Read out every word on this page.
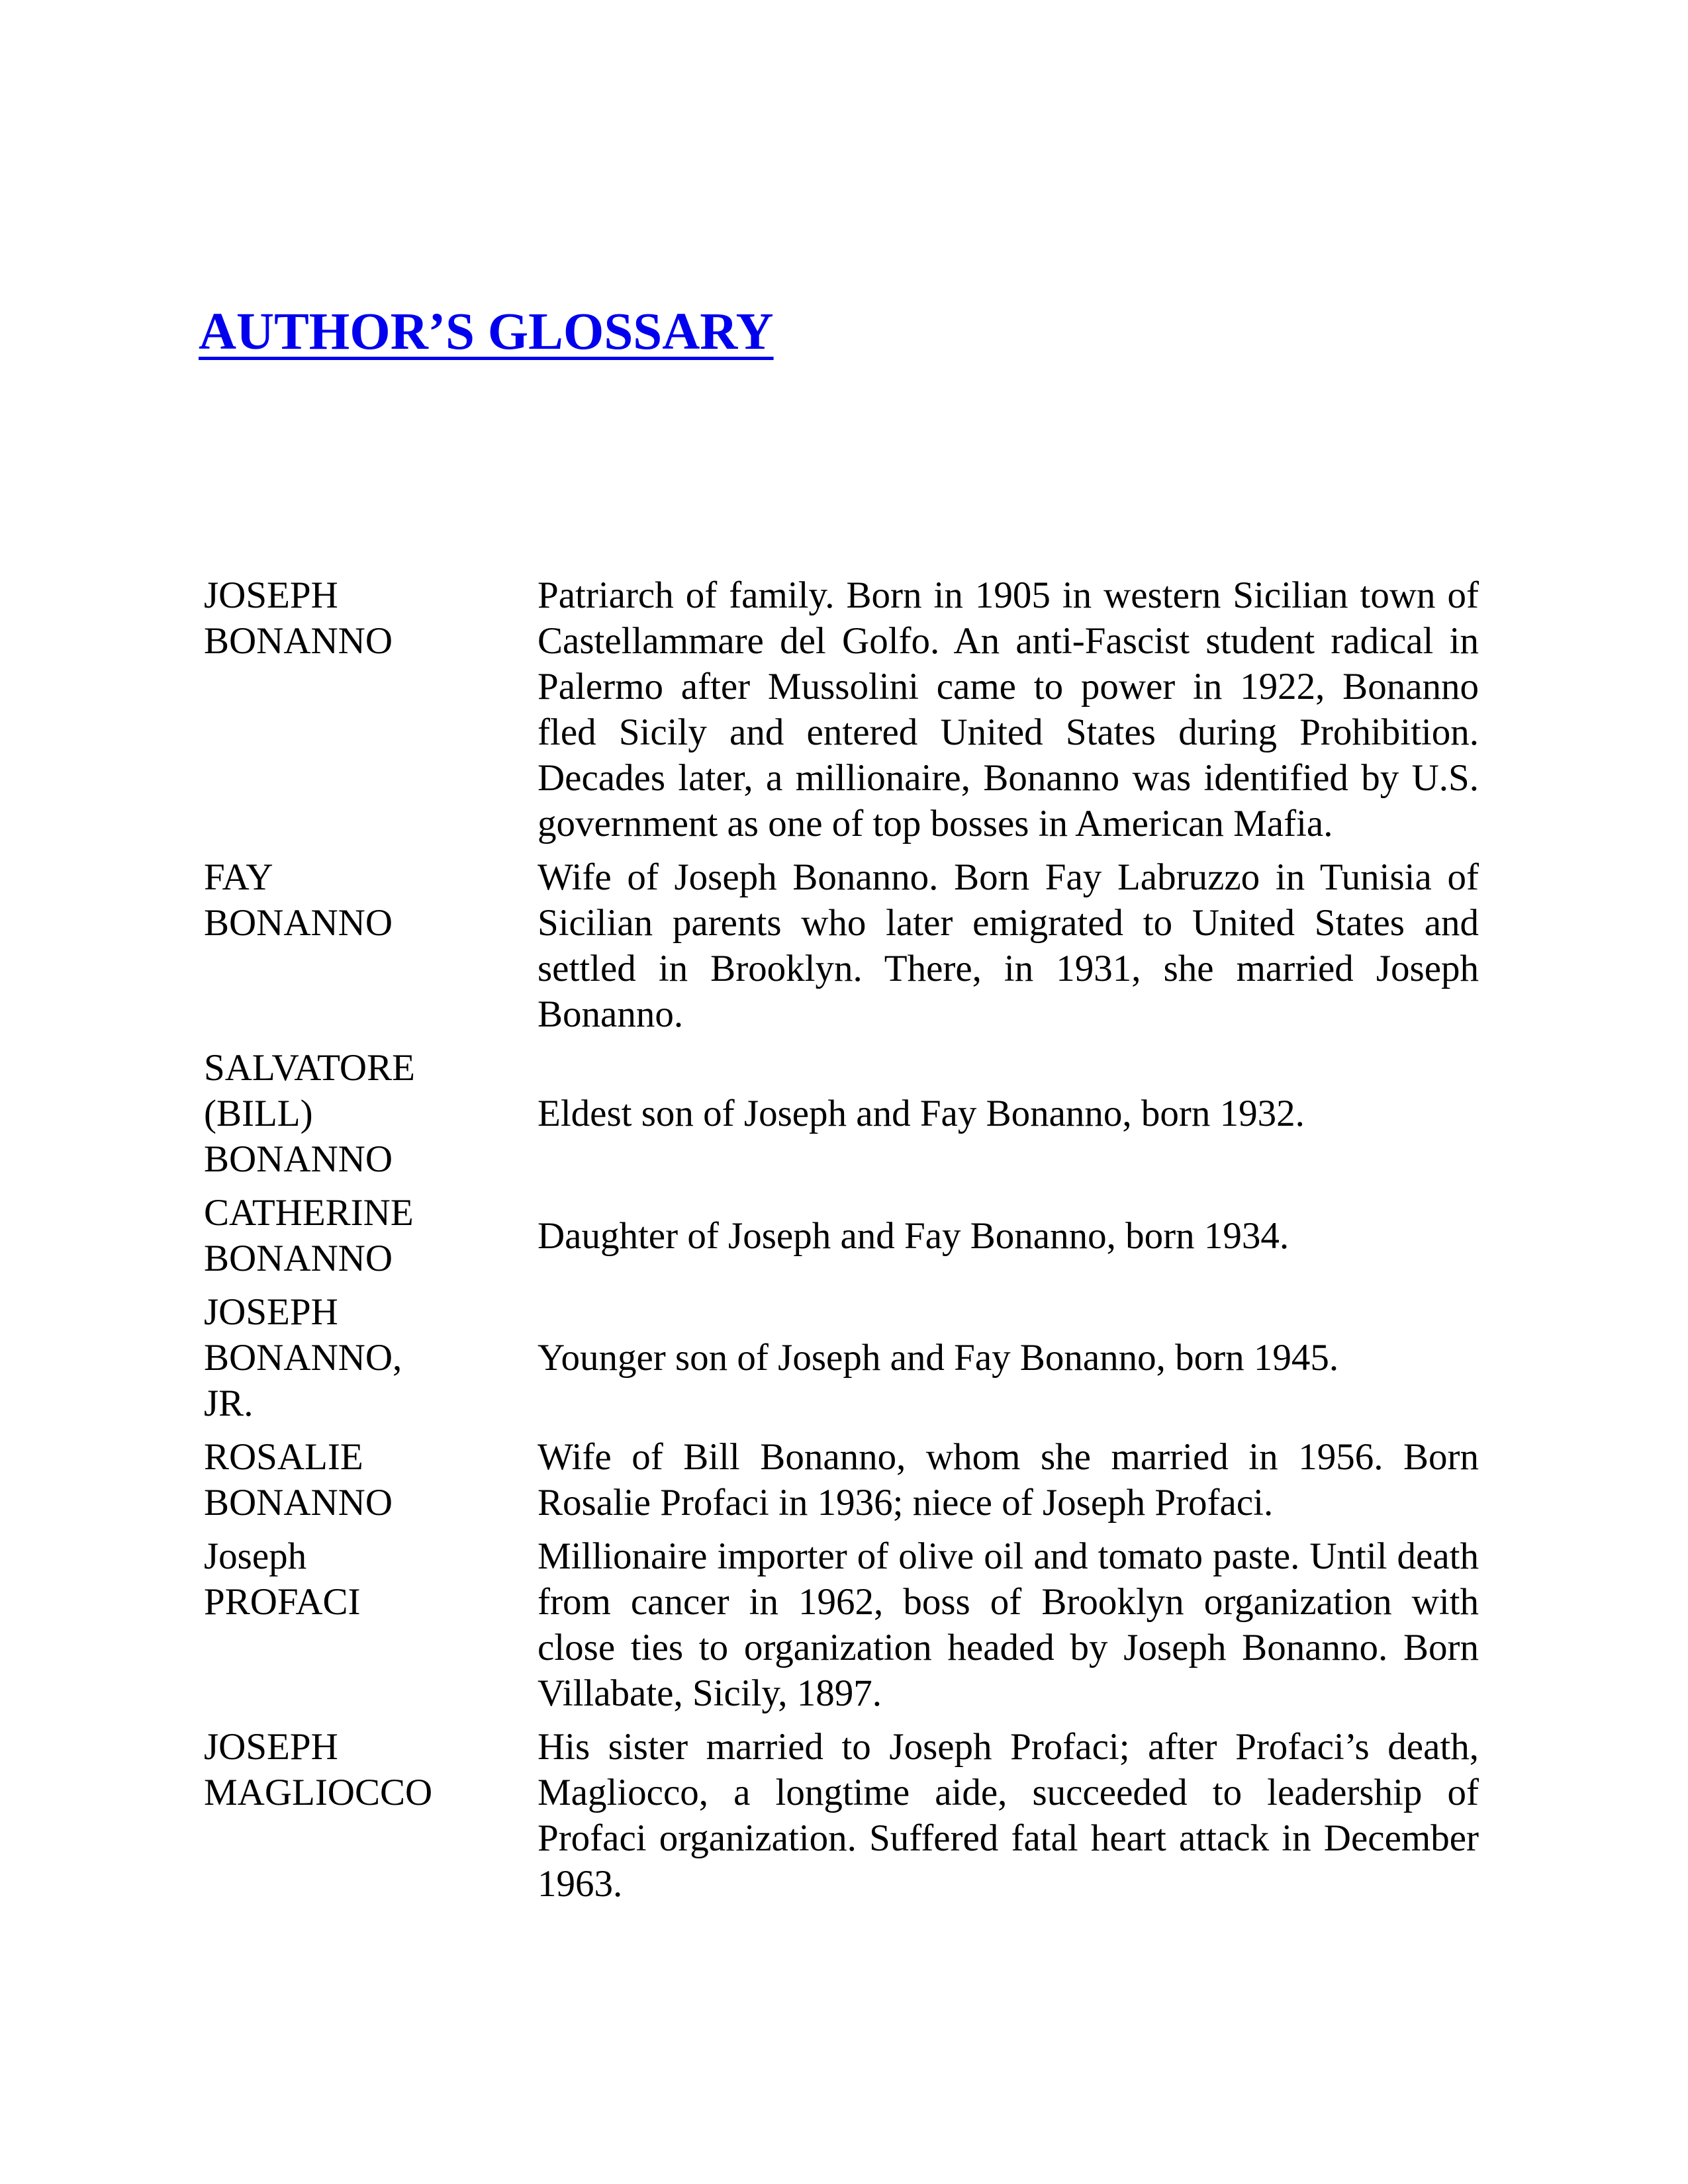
AUTHOR’S GLOSSARY
JOSEPH
BONANNO
Patriarch of family. Born in 1905 in western Sicilian town of Castellammare del Golfo. An anti-Fascist student radical in Palermo after Mussolini came to power in 1922, Bonanno fled Sicily and entered United States during Prohibition. Decades later, a millionaire, Bonanno was identified by U.S. government as one of top bosses in American Mafia.
FAY
BONANNO
Wife of Joseph Bonanno. Born Fay Labruzzo in Tunisia of Sicilian parents who later emigrated to United States and settled in Brooklyn. There, in 1931, she married Joseph Bonanno.
SALVATORE
(BILL)
BONANNO
Eldest son of Joseph and Fay Bonanno, born 1932.
CATHERINE
BONANNO
Daughter of Joseph and Fay Bonanno, born 1934.
JOSEPH
BONANNO,
JR.
Younger son of Joseph and Fay Bonanno, born 1945.
ROSALIE
BONANNO
Wife of Bill Bonanno, whom she married in 1956. Born Rosalie Profaci in 1936; niece of Joseph Profaci.
Joseph
PROFACI
Millionaire importer of olive oil and tomato paste. Until death from cancer in 1962, boss of Brooklyn organization with close ties to organization headed by Joseph Bonanno. Born Villabate, Sicily, 1897.
JOSEPH
MAGLIOCCO
His sister married to Joseph Profaci; after Profaci’s death, Magliocco, a longtime aide, succeeded to leadership of Profaci organization. Suffered fatal heart attack in December 1963.
